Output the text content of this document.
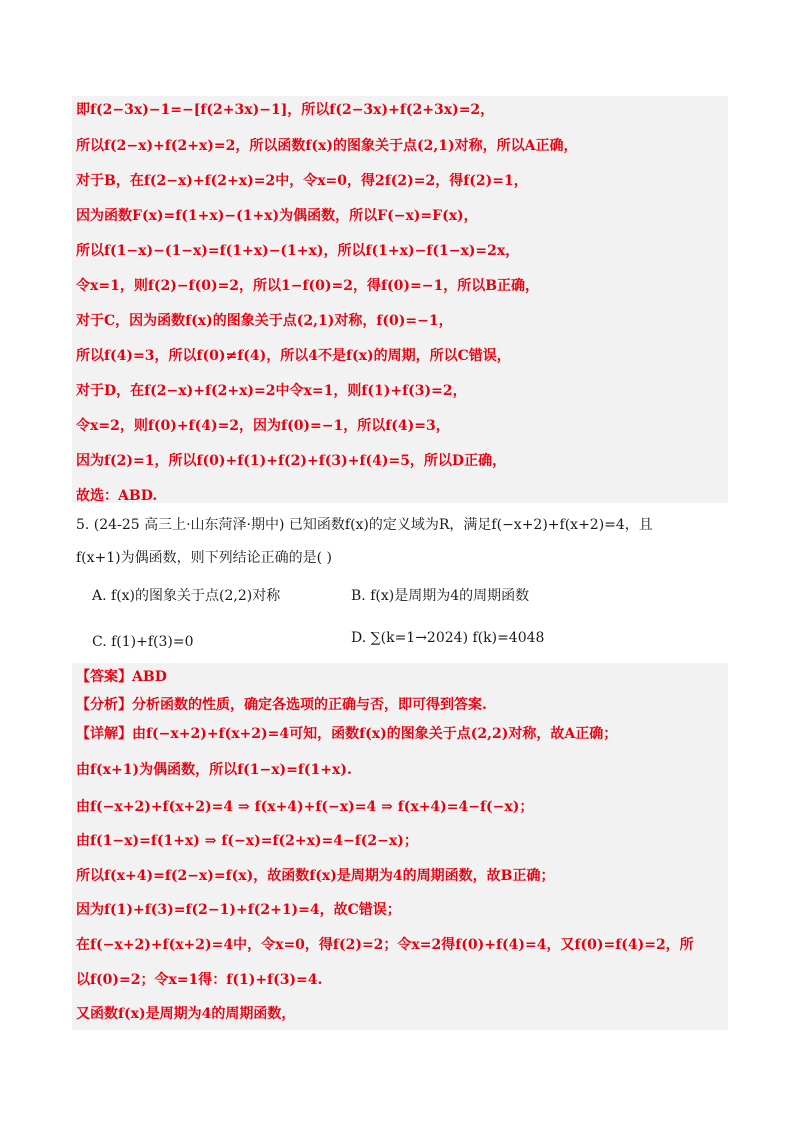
即f(2−3x)−1=−[f(2+3x)−1]，所以f(2−3x)+f(2+3x)=2，
所以f(2−x)+f(2+x)=2，所以函数f(x)的图象关于点(2,1)对称，所以A正确，
对于B，在f(2−x)+f(2+x)=2中，令x=0，得2f(2)=2，得f(2)=1，
因为函数F(x)=f(1+x)−(1+x)为偶函数，所以F(−x)=F(x)，
所以f(1−x)−(1−x)=f(1+x)−(1+x)，所以f(1+x)−f(1−x)=2x，
令x=1，则f(2)−f(0)=2，所以1−f(0)=2，得f(0)=−1，所以B正确，
对于C，因为函数f(x)的图象关于点(2,1)对称，f(0)=−1，
所以f(4)=3，所以f(0)≠f(4)，所以4不是f(x)的周期，所以C错误，
对于D，在f(2−x)+f(2+x)=2中令x=1，则f(1)+f(3)=2，
令x=2，则f(0)+f(4)=2，因为f(0)=−1，所以f(4)=3，
因为f(2)=1，所以f(0)+f(1)+f(2)+f(3)+f(4)=5，所以D正确，
故选：ABD.
5. (24-25 高三上·山东菏泽·期中) 已知函数f(x)的定义域为R，满足f(−x+2)+f(x+2)=4，且
f(x+1)为偶函数，则下列结论正确的是( )
A. f(x)的图象关于点(2,2)对称	B. f(x)是周期为4的周期函数
C. f(1)+f(3)=0	D. ∑(k=1→2024) f(k)=4048
【答案】ABD
【分析】分析函数的性质，确定各选项的正确与否，即可得到答案.
【详解】由f(−x+2)+f(x+2)=4可知，函数f(x)的图象关于点(2,2)对称，故A正确；
由f(x+1)为偶函数，所以f(1−x)=f(1+x).
由f(−x+2)+f(x+2)=4 ⇒ f(x+4)+f(−x)=4 ⇒ f(x+4)=4−f(−x)；
由f(1−x)=f(1+x) ⇒ f(−x)=f(2+x)=4−f(2−x)；
所以f(x+4)=f(2−x)=f(x)，故函数f(x)是周期为4的周期函数，故B正确；
因为f(1)+f(3)=f(2−1)+f(2+1)=4，故C错误；
在f(−x+2)+f(x+2)=4中，令x=0，得f(2)=2；令x=2得f(0)+f(4)=4，又f(0)=f(4)=2，所
以f(0)=2；令x=1得：f(1)+f(3)=4.
又函数f(x)是周期为4的周期函数，
